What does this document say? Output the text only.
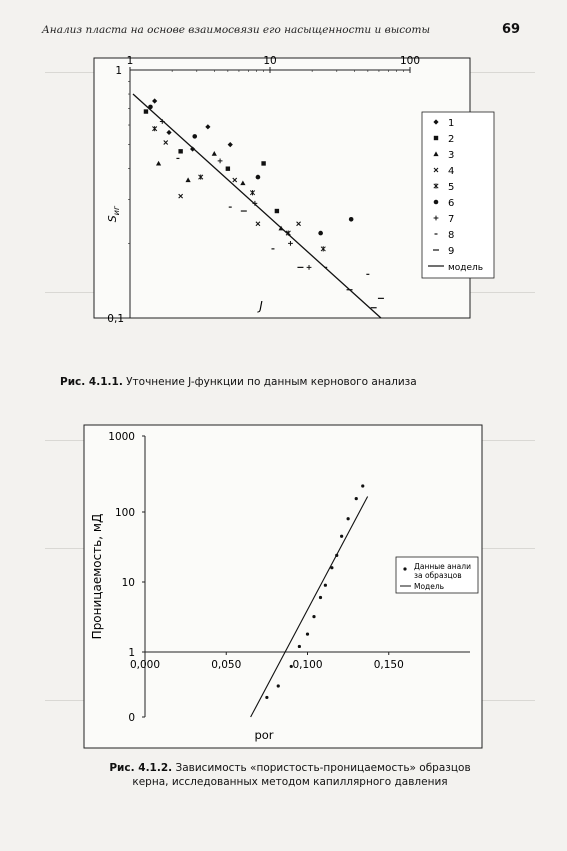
Анализ пласта на основе взаимосвязи его насыщенности и высоты	69
1	10	100
1
0,1
$S_{иг}$
J
1
2
3
4
5
6
7
8
9
модель
1000
100
10
1
0
0,000	0,050	0,100	0,150
Проницаемость, мД
por
Данные анали
за образцов
Модель
Рис. 4.1.1. Уточнение J-функции по данным кернового анализа
Рис. 4.1.2. Зависимость «пористость-проницаемость» образцов
керна, исследованных методом капиллярного давления
